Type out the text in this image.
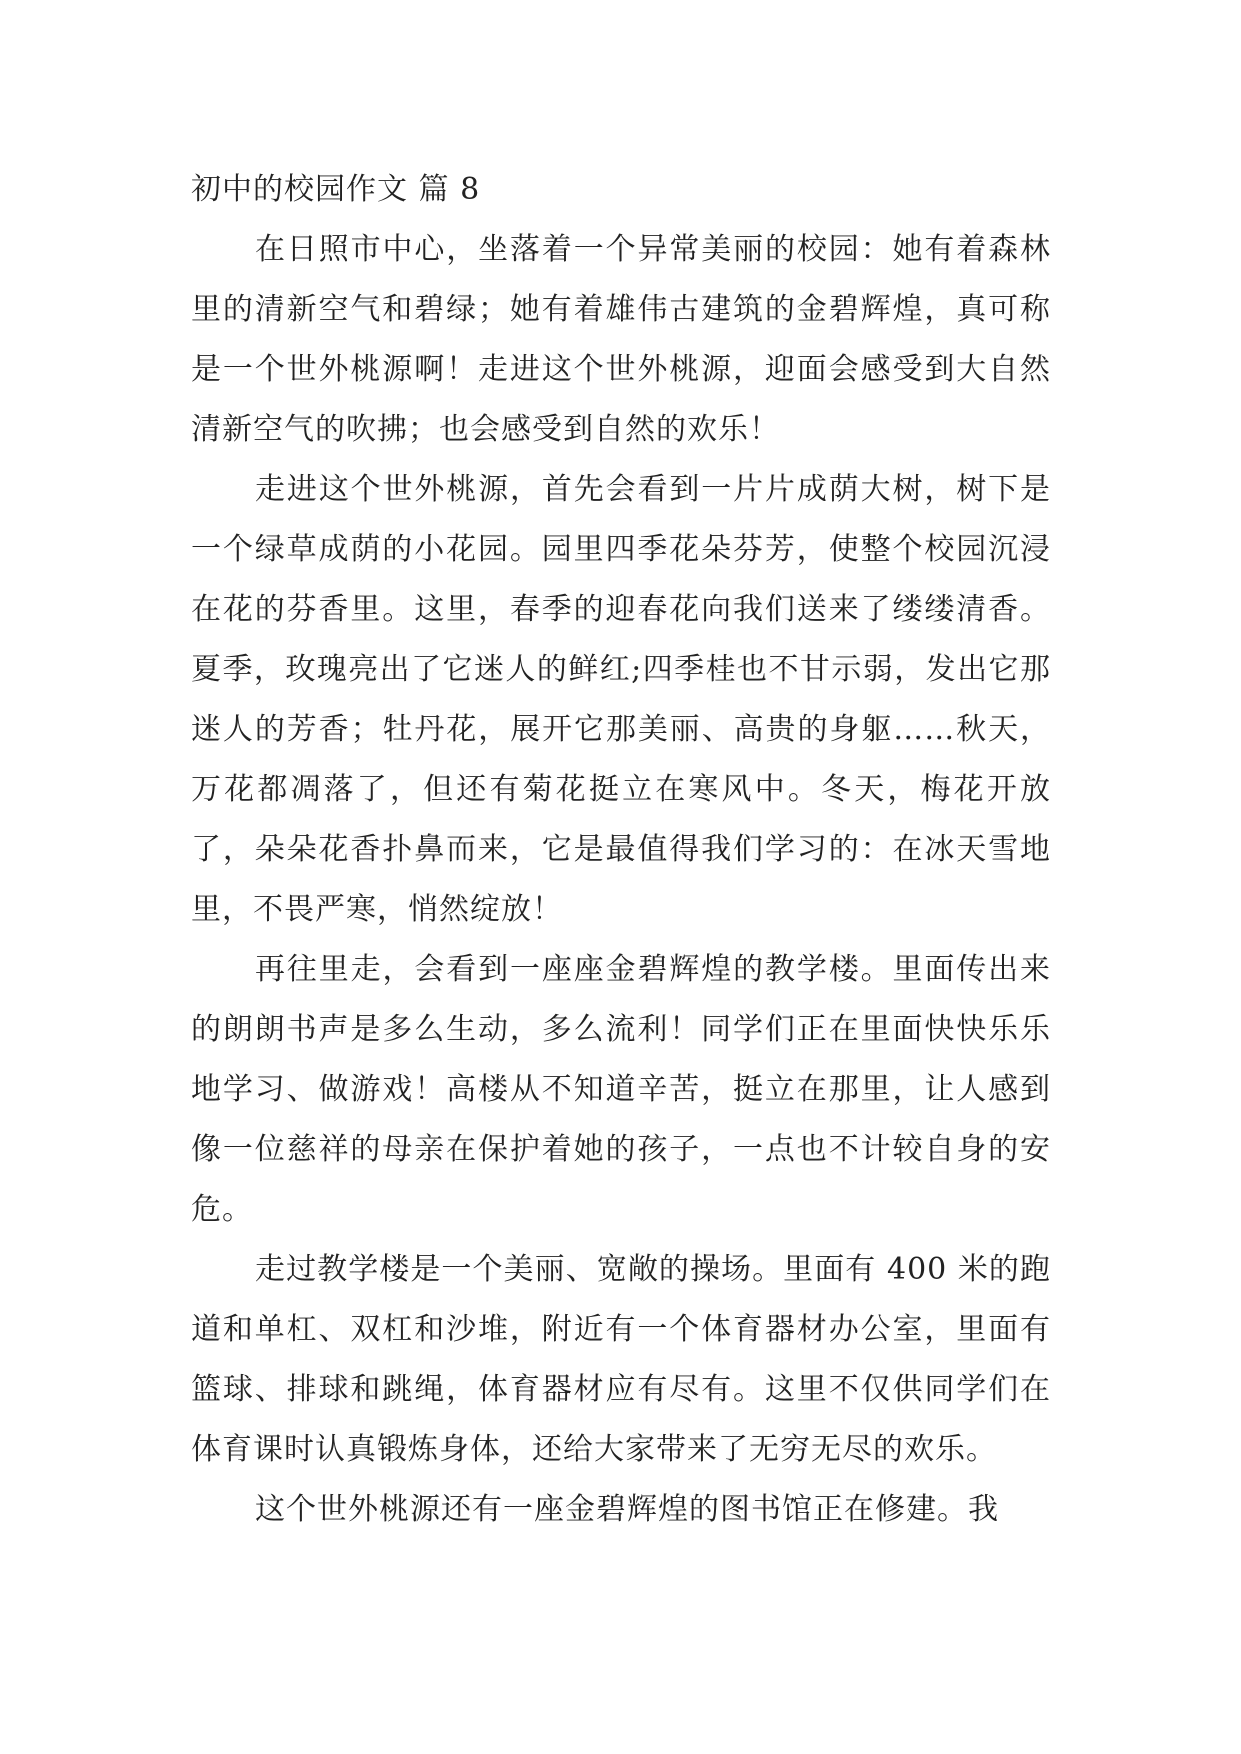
初中的校园作文 篇 8

在日照市中心，坐落着一个异常美丽的校园：她有着森林里的清新空气和碧绿；她有着雄伟古建筑的金碧辉煌，真可称是一个世外桃源啊！走进这个世外桃源，迎面会感受到大自然清新空气的吹拂；也会感受到自然的欢乐！

走进这个世外桃源，首先会看到一片片成荫大树，树下是一个绿草成荫的小花园。园里四季花朵芬芳，使整个校园沉浸在花的芬香里。这里，春季的迎春花向我们送来了缕缕清香。夏季，玫瑰亮出了它迷人的鲜红;四季桂也不甘示弱，发出它那迷人的芳香；牡丹花，展开它那美丽、高贵的身躯……秋天，万花都凋落了，但还有菊花挺立在寒风中。冬天，梅花开放了，朵朵花香扑鼻而来，它是最值得我们学习的：在冰天雪地里，不畏严寒，悄然绽放！

再往里走，会看到一座座金碧辉煌的教学楼。里面传出来的朗朗书声是多么生动，多么流利！同学们正在里面快快乐乐地学习、做游戏！高楼从不知道辛苦，挺立在那里，让人感到像一位慈祥的母亲在保护着她的孩子，一点也不计较自身的安危。

走过教学楼是一个美丽、宽敞的操场。里面有 400 米的跑道和单杠、双杠和沙堆，附近有一个体育器材办公室，里面有篮球、排球和跳绳，体育器材应有尽有。这里不仅供同学们在体育课时认真锻炼身体，还给大家带来了无穷无尽的欢乐。

这个世外桃源还有一座金碧辉煌的图书馆正在修建。我
